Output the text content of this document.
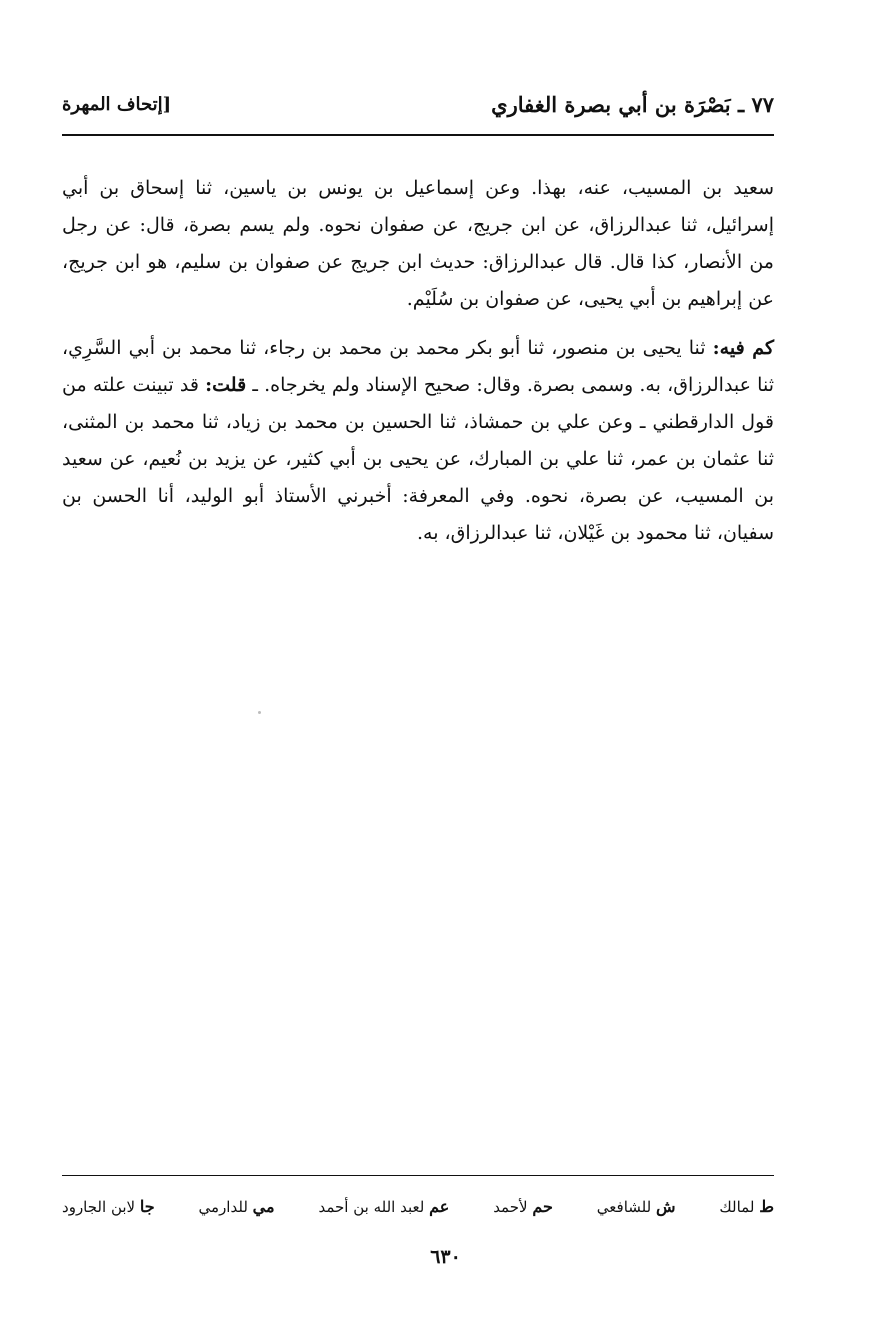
٧٧ ـ بَصْرَة بن أبي بصرة الغفاري
[إتحاف المهرة

سعيد بن المسيب، عنه، بهذا. وعن إسماعيل بن يونس بن ياسين، ثنا إسحاق بن أبي إسرائيل، ثنا عبدالرزاق، عن ابن جريج، عن صفوان نحوه. ولم يسم بصرة، قال: عن رجل من الأنصار، كذا قال. قال عبدالرزاق: حديث ابن جريج عن صفوان بن سليم، هو ابن جريج، عن إبراهيم بن أبي يحيى، عن صفوان بن سُلَيْم.

كم فيه: ثنا يحيى بن منصور، ثنا أبو بكر محمد بن محمد بن رجاء، ثنا محمد بن أبي السَّرِي، ثنا عبدالرزاق، به. وسمى بصرة. وقال: صحيح الإسناد ولم يخرجاه. ـ قلت: قد تبينت علته من قول الدارقطني ـ وعن علي بن حمشاذ، ثنا الحسين بن محمد بن زياد، ثنا محمد بن المثنى، ثنا عثمان بن عمر، ثنا علي بن المبارك، عن يحيى بن أبي كثير، عن يزيد بن نُعيم، عن سعيد بن المسيب، عن بصرة، نحوه. وفي المعرفة: أخبرني الأستاذ أبو الوليد، أنا الحسن بن سفيان، ثنا محمود بن غَيْلان، ثنا عبدالرزاق، به.

ط لمالك
ش للشافعي
حم لأحمد
عم لعبد الله بن أحمد
مي للدارمي
جا لابن الجارود
٦٣٠
